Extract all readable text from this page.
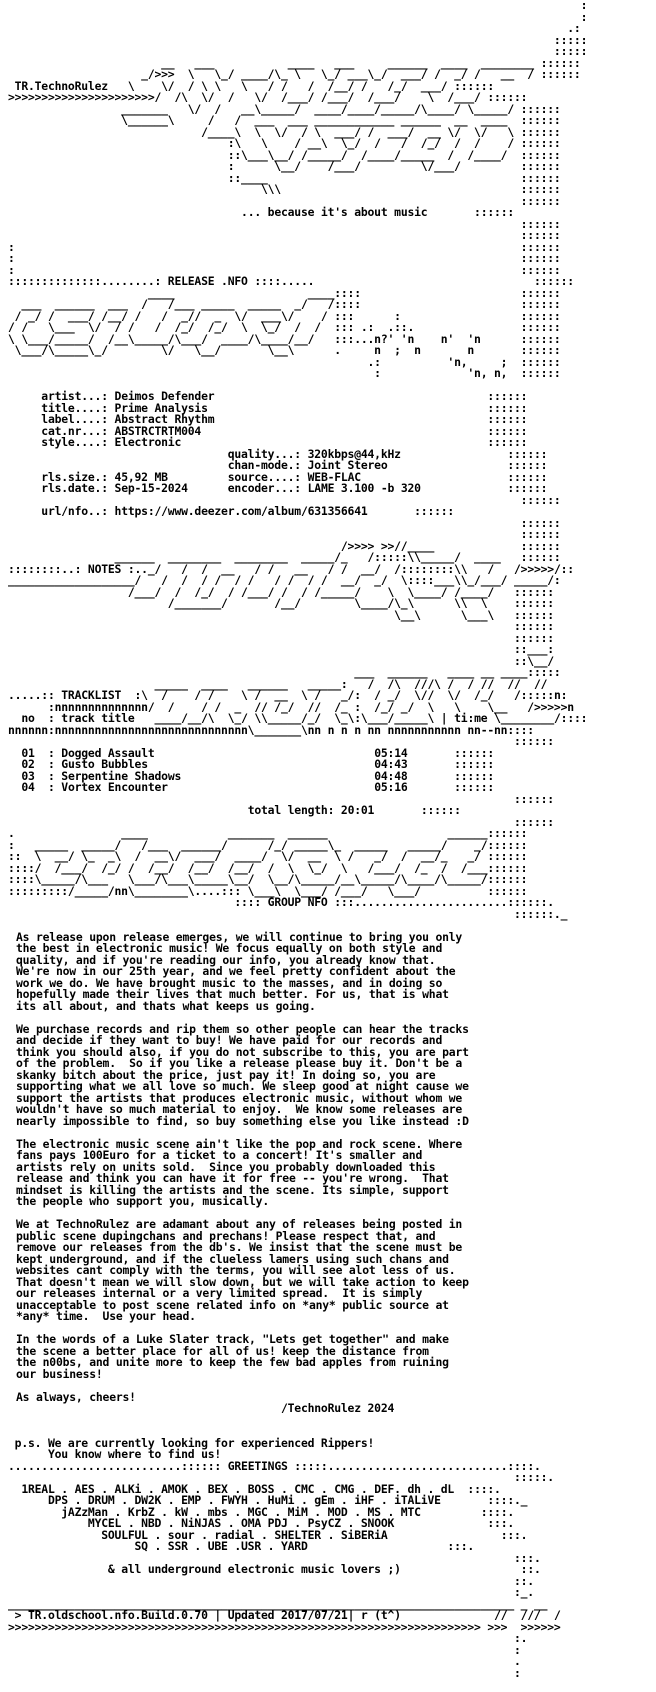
:
:
.:
:::::
:::::
__   ___           ____   ___     ______  ____  ________ ::::::
_/>>>  \   \_/ ____/\_ \   \_/ ___\_/  ___/ /  _/ /   __  / ::::::
TR.TechnoRulez   \    \/  / \ \   \   / /   /  /__/ /   /_/  ___/ ::::::
>>>>>>>>>>>>>>>>>>>>>>/  /\  \/  /   \/  /___/ /___/  /___/    \  /___/ ::::::
_______   \/  /   __\_____/  ____/____/_____/\____/ \_____/ ::::::
\______\     /   /  ___  ___ ____________ ______  __  ____  ::::::
/____\  \  \/  / \  ___/ /  ___/  __ \/  \/   \ ::::::
:\   \    / __\  \_/  /   /  /_/  /  /    / ::::::
::\___\__/ /_____/  /____/_____  /  /____/  ::::::
:      \__/    /___/         \/___/         ::::::
::____                                      ::::::
\\\                                    ::::::
::::::
... because it's about music	::::::
::::::
::::::
:                                                                            ::::::
:                                                                            ::::::
:                                                                            ::::::
::::::::::::::........: RELEASE .NFO ::::.....                                 ::::::
____                    ____::::                        ::::::
___  ______  ___  /   /___ _____  _____  _/   /::::                        ::::::
/ _/ /  ___/ /__/ /   /  _//  _  \/  ___\/    / :::      :                  ::::::
/ /   \___  \/  / /   /  /_/  /_/  \  \_/  /  /  ::: .:  .::.                ::::::
\ \___/_____/  /__\_____/\___/  ____/\____/__/   :::...n?' 'n    n'  'n      ::::::
\___/\_____\_/        \/   \__/       \__\      .     n  ;  n       n       ::::::
.:          'n,     ;  ::::::
:             'n, n,  ::::::
artist...: Deimos Defender	::::::
title....: Prime Analysis	::::::
label....: Abstract Rhythm	::::::
cat.nr...: ABSTRCTRTM004	::::::
style....: Electronic	::::::
quality...: 320kbps@44,kHz	::::::
chan-mode.: Joint Stereo	::::::
rls.size.: 45,92 MB         source....: WEB-FLAC	::::::
rls.date.: Sep-15-2024      encoder...: LAME 3.100 -b 320	::::::
::::::
url/nfo..: https://www.deezer.com/album/631356641	::::::
::::::
::::::
/>>>> >>//____             ::::::
______  ________  ________  _____/_   /:::::\\_____/  ____   ::::::
::::::::..: NOTES :.._/   /  /  __   / /   __   / /  __/  /::::::::\\   /   />>>>>/::
___________________/   /  /  / /  / /   / /  / /  __/  _/  \::::___\\_/___/ _____/:
/___/  /  /_/  / /___/ /  / /_____/    \  \____/ /____/   ::::::
/_______/       /__/        \____/\_\      \\  \    ::::::
\__\      \___\   ::::::
::::::
::::::
::___:
::\__/
___  ______   ____ __ ____:::::
_____  ____   ______   _____:   /  /\  ///\ /  / //  //  //
.....:: TRACKLIST  :\  /    / /    \ /  __  \ /   _/:  / _/  \//  \/  /_/   /:::::n:
:nnnnnnnnnnnnnn/  /    / /  _  // /_/  //  /_ :  /_/ _/  \   \    \__   />>>>>n
no  : track title   ____/__/\  \_/ \\_____/_/  \_\:\___/_____\ | ti:me \________/::::
nnnnnn:nnnnnnnnnnnnnnnnnnnnnnnnnnnnn\_______\nn n n n nn nnnnnnnnnnn nn--nn::::
::::::
01  : Dogged Assault	05:14	::::::
02  : Gusto Bubbles	04:43	::::::
03  : Serpentine Shadows	04:48	::::::
04  : Vortex Encounter	05:16	::::::
::::::
total length: 20:01	::::::
::::::
.                ____            _______  ______                  ______::::::
:   _____  _____/   /___  ______/      /_/ _____\_  _____   _____/    _/::::::
::  \  __/ \_  _\  /  __\/  ___/  ____/  \/  __  \ /   _/  /  __/_   _/ ::::::
::::/  /___/  /_/ /  /__/  /__/  /__/  /  \  \_/  \   /___/  /_  /  /___::::::
::::\_____/\___   \___/\___\_____\__/  \__/\_____/__\_____/\____/\_____/::::::
:::::::::/_____/nn\________\....::: \___\  \___/ /___/   \___/          ::::::
:::: GROUP NFO :::.......................::::::.
::::::._
As release upon release emerges, we will continue to bring you only
the best in electronic music! We focus equally on both style and
quality, and if you're reading our info, you already know that.
We're now in our 25th year, and we feel pretty confident about the
work we do. We have brought music to the masses, and in doing so
hopefully made their lives that much better. For us, that is what
its all about, and thats what keeps us going.
We purchase records and rip them so other people can hear the tracks
and decide if they want to buy! We have paid for our records and
think you should also, if you do not subscribe to this, you are part
of the problem.  So if you like a release please buy it. Don't be a
skanky bitch about the price, just pay it! In doing so, you are
supporting what we all love so much. We sleep good at night cause we
support the artists that produces electronic music, without whom we
wouldn't have so much material to enjoy.  We know some releases are
nearly impossible to find, so buy something else you like instead :D
The electronic music scene ain't like the pop and rock scene. Where
fans pays 100Euro for a ticket to a concert! It's smaller and
artists rely on units sold.  Since you probably downloaded this
release and think you can have it for free -- you're wrong.  That
mindset is killing the artists and the scene. Its simple, support
the people who support you, musically.
We at TechnoRulez are adamant about any of releases being posted in
public scene dupingchans and prechans! Please respect that, and
remove our releases from the db's. We insist that the scene must be
kept underground, and if the clueless lamers using such chans and
websites cant comply with the terms, you will see alot less of us.
That doesn't mean we will slow down, but we will take action to keep
our releases internal or a very limited spread.  It is simply
unacceptable to post scene related info on *any* public source at
*any* time.  Use your head.
In the words of a Luke Slater track, "Lets get together" and make
the scene a better place for all of us! keep the distance from
the n00bs, and unite more to keep the few bad apples from ruining
our business!
As always, cheers!
/TechnoRulez 2024
p.s. We are currently looking for experienced Rippers!
You know where to find us!
..........................:::::: GREETINGS :::::...........................::::.
:::::.
1REAL . AES . ALKi . AMOK . BEX . BOSS . CMC . CMG . DEF. dh . dL  ::::.
DPS . DRUM . DW2K . EMP . FWYH . HuMi . gEm . iHF . iTALiVE	::::._
jAZzMan . KrbZ . kW . mbs . MGC . MiM . MOD . MS . MTC	::::.
MYCEL . NBD . NiNJAS . OMA PDJ . PsyCZ . SNOOK	:::.
SOULFUL . sour . radial . SHELTER . SiBERiA	:::.
SQ . SSR . UBE .USR . YARD	:::.
:::.
& all underground electronic music lovers ;)	::.
::.
:_.
____________________________________________________________________________ _ __
> TR.oldschool.nfo.Build.0.70 | Updated 2017/07/21| r (t^)	//  ///  /
>>>>>>>>>>>>>>>>>>>>>>>>>>>>>>>>>>>>>>>>>>>>>>>>>>>>>>>>>>>>>>>>>>>>>>> >>>  >>>>>>
:.
:
.
:
